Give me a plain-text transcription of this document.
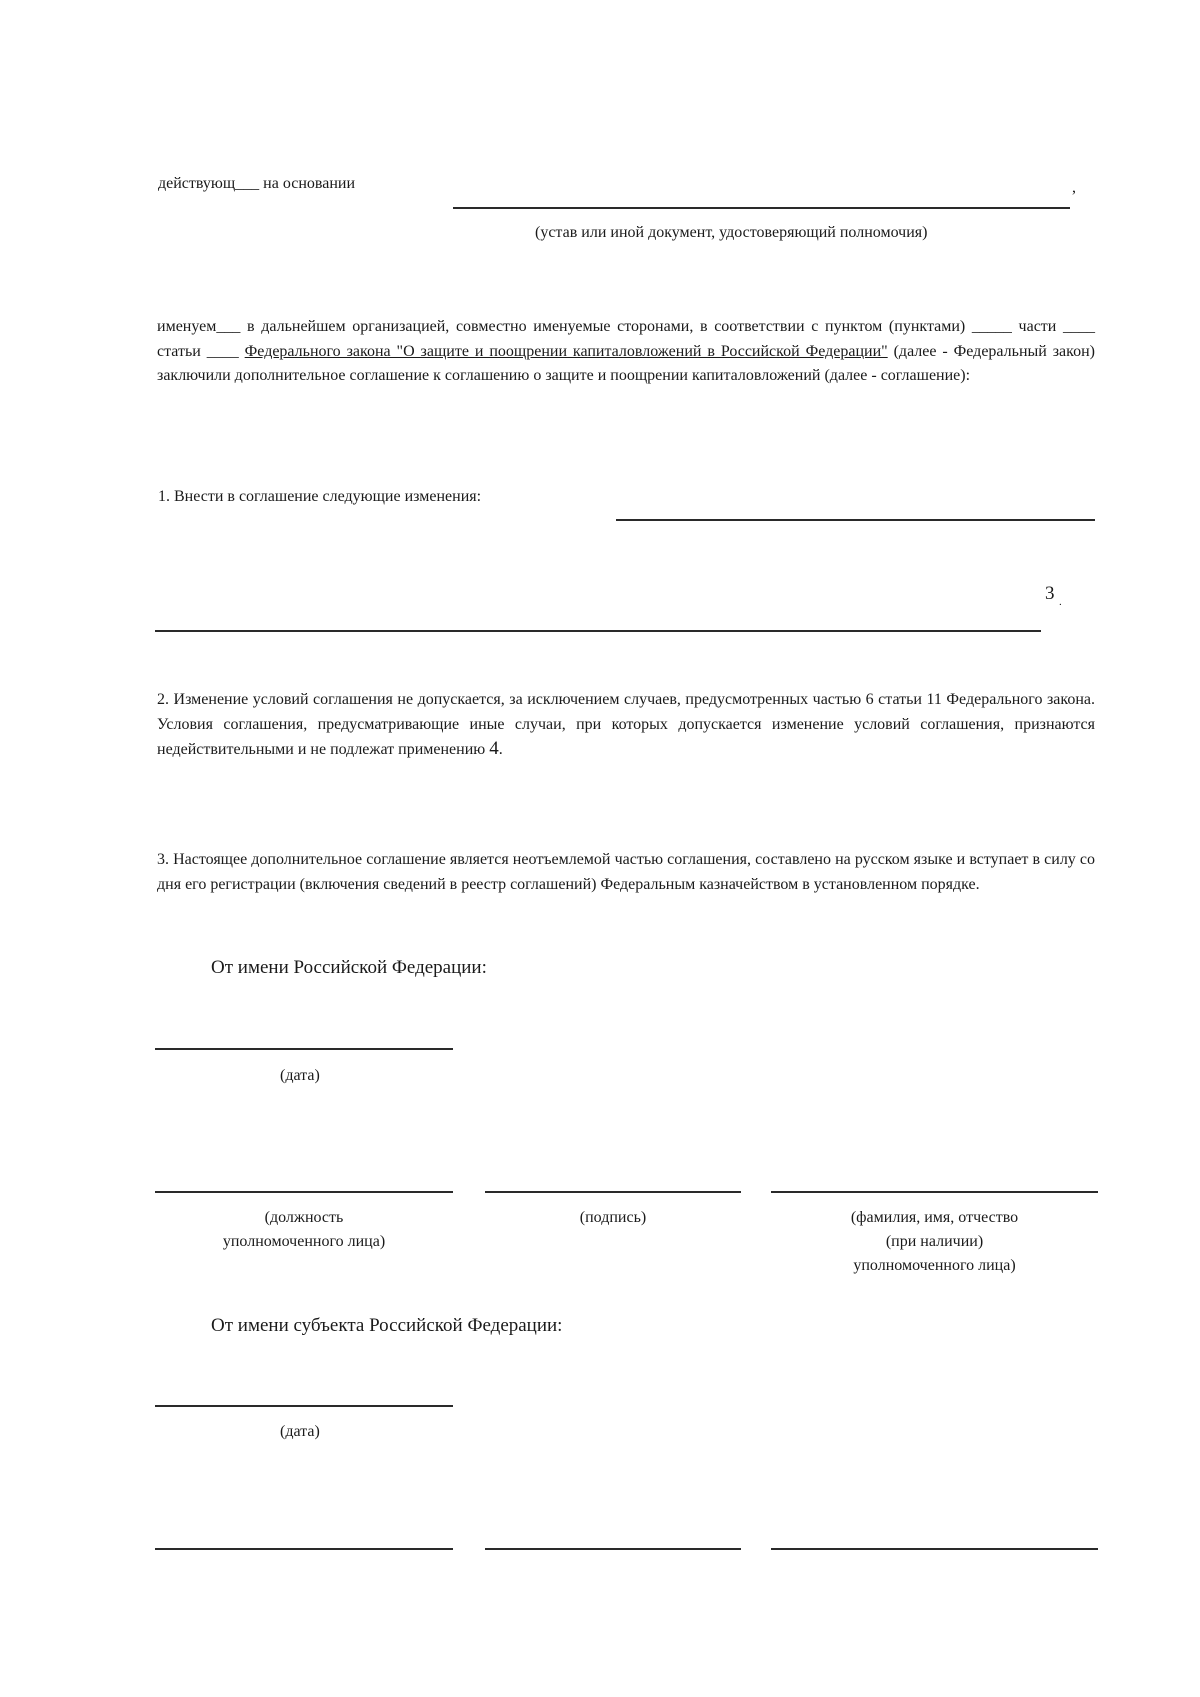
действующ___ на основании	,
(устав или иной документ, удостоверяющий полномочия)
именуем___ в дальнейшем организацией, совместно именуемые сторонами, в соответствии с пунктом (пунктами) _____ части ____ статьи ____ Федерального закона "О защите и поощрении капиталовложений в Российской Федерации" (далее - Федеральный закон) заключили дополнительное соглашение к соглашению о защите и поощрении капиталовложений (далее - соглашение):
1. Внести в соглашение следующие изменения:
3 .
2. Изменение условий соглашения не допускается, за исключением случаев, предусмотренных частью 6 статьи 11 Федерального закона. Условия соглашения, предусматривающие иные случаи, при которых допускается изменение условий соглашения, признаются недействительными и не подлежат применению 4.
3. Настоящее дополнительное соглашение является неотъемлемой частью соглашения, составлено на русском языке и вступает в силу со дня его регистрации (включения сведений в реестр соглашений) Федеральным казначейством в установленном порядке.
От имени Российской Федерации:
(дата)
(должность
уполномоченного лица)
(подпись)	(фамилия, имя, отчество
(при наличии)
уполномоченного лица)
От имени субъекта Российской Федерации:
(дата)
